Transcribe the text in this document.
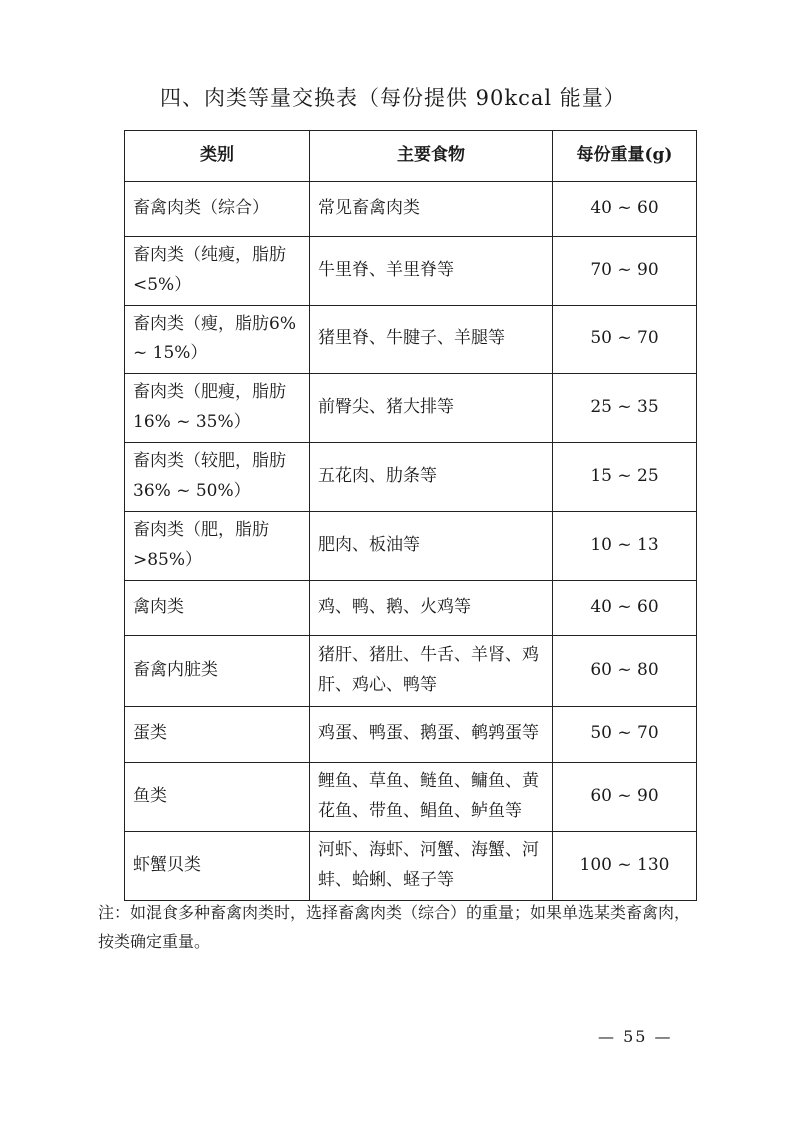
四、肉类等量交换表（每份提供 90kcal 能量）
类别	主要食物	每份重量(g)
畜禽肉类（综合）	常见畜禽肉类	40 ~ 60
畜肉类（纯瘦，脂肪<5%）	牛里脊、羊里脊等	70 ~ 90
畜肉类（瘦，脂肪6% ~ 15%）	猪里脊、牛腱子、羊腿等	50 ~ 70
畜肉类（肥瘦，脂肪16% ~ 35%）	前臀尖、猪大排等	25 ~ 35
畜肉类（较肥，脂肪36% ~ 50%）	五花肉、肋条等	15 ~ 25
畜肉类（肥，脂肪>85%）	肥肉、板油等	10 ~ 13
禽肉类	鸡、鸭、鹅、火鸡等	40 ~ 60
畜禽内脏类	猪肝、猪肚、牛舌、羊肾、鸡肝、鸡心、鸭等	60 ~ 80
蛋类	鸡蛋、鸭蛋、鹅蛋、鹌鹑蛋等	50 ~ 70
鱼类	鲤鱼、草鱼、鲢鱼、鳙鱼、黄花鱼、带鱼、鲳鱼、鲈鱼等	60 ~ 90
虾蟹贝类	河虾、海虾、河蟹、海蟹、河蚌、蛤蜊、蛏子等	100 ~ 130
注：如混食多种畜禽肉类时，选择畜禽肉类（综合）的重量；如果单选某类畜禽肉，按类确定重量。
— 55 —
